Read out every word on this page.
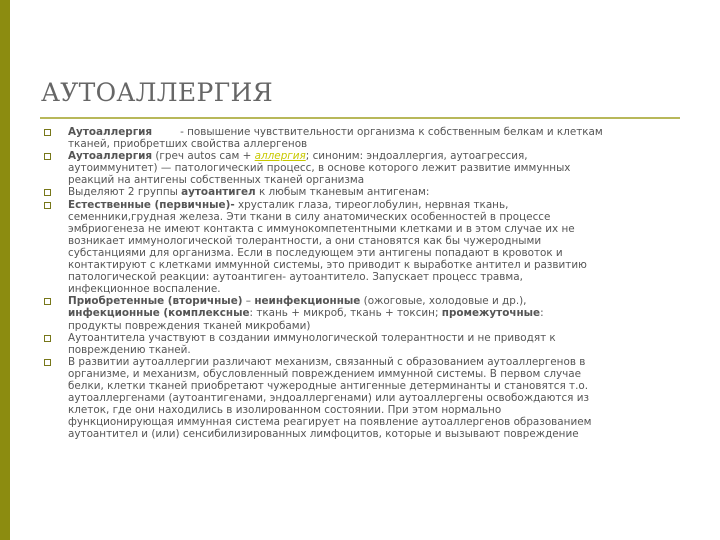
АУТОАЛЛЕРГИЯ
Аутоаллергия	- повышение чувствительности организма к собственным белкам и клеткам
тканей, приобретших свойства аллергенов
Аутоаллергия (греч autos сам + аллергия; синоним: эндоаллергия, аутоагрессия,
аутоиммунитет) — патологический процесс, в основе которого лежит развитие иммунных
реакций на антигены собственных тканей организма
Выделяют 2 группы аутоантигел к любым тканевым антигенам:
Естественные (первичные)- хрусталик глаза, тиреоглобулин, нервная ткань,
семенники,грудная железа. Эти ткани в силу анатомических особенностей в процессе
эмбриогенеза не имеют контакта с иммунокомпетентными клетками и в этом случае их не
возникает иммунологической толерантности, а они становятся как бы чужеродными
субстанциями для организма. Если в последующем эти антигены попадают в кровоток и
контактируют с клетками иммунной системы, это приводит к выработке антител и развитию
патологической реакции: аутоантиген- аутоантитело. Запускает процесс травма,
инфекционное воспаление.
Приобретенные (вторичные) – неинфекционные (ожоговые, холодовые и др.),
инфекционные (комплексные: ткань + микроб, ткань + токсин; промежуточные:
продукты повреждения тканей микробами)
Аутоантитела участвуют в создании иммунологической толерантности и не приводят к
повреждению тканей.
В развитии аутоаллергии различают механизм, связанный с образованием аутоаллергенов в
организме, и механизм, обусловленный повреждением иммунной системы. В первом случае
белки, клетки тканей приобретают чужеродные антигенные детерминанты и становятся т.о.
аутоаллергенами (аутоантигенами, эндоаллергенами) или аутоаллергены освобождаются из
клеток, где они находились в изолированном состоянии. При этом нормально
функционирующая иммунная система реагирует на появление аутоаллергенов образованием
аутоантител и (или) сенсибилизированных лимфоцитов, которые и вызывают повреждение
